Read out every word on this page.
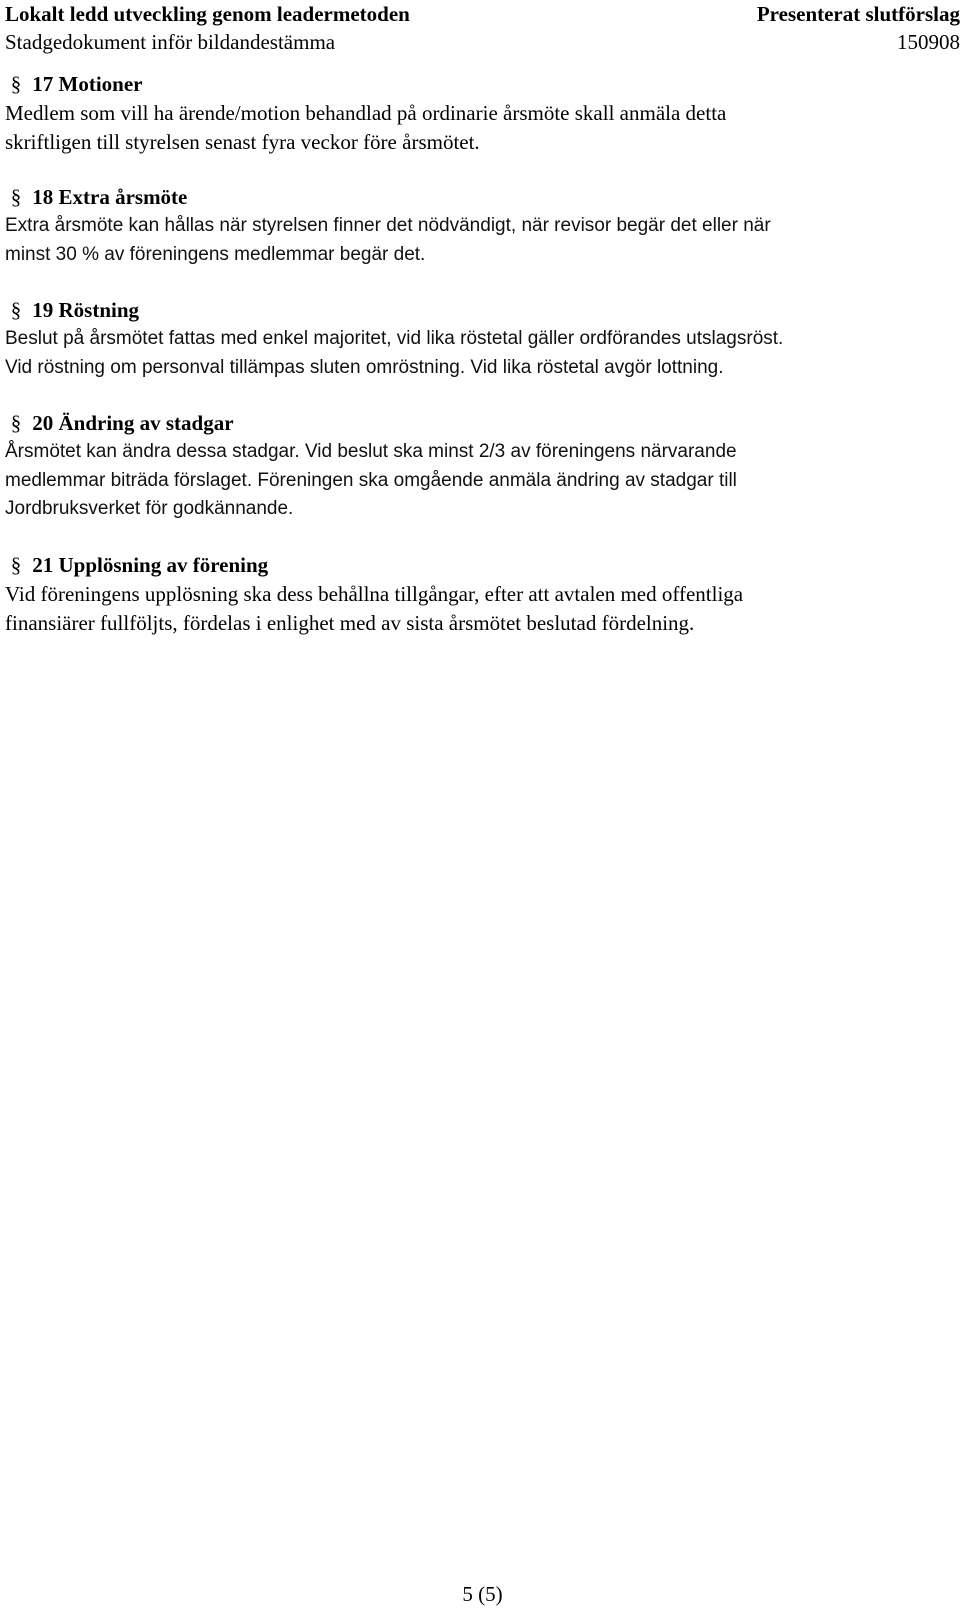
Lokalt ledd utveckling genom leadermetoden	Presenterat slutförslag
Stadgedokument inför bildandestämma	150908

§ 17 Motioner

Medlem som vill ha ärende/motion behandlad på ordinarie årsmöte skall anmäla detta
skriftligen till styrelsen senast fyra veckor före årsmötet.

§ 18 Extra årsmöte

Extra årsmöte kan hållas när styrelsen finner det nödvändigt, när revisor begär det eller när
minst 30 % av föreningens medlemmar begär det.

§ 19 Röstning

Beslut på årsmötet fattas med enkel majoritet, vid lika röstetal gäller ordförandes utslagsröst.
Vid röstning om personval tillämpas sluten omröstning. Vid lika röstetal avgör lottning.

§ 20 Ändring av stadgar

Årsmötet kan ändra dessa stadgar. Vid beslut ska minst 2/3 av föreningens närvarande
medlemmar biträda förslaget. Föreningen ska omgående anmäla ändring av stadgar till
Jordbruksverket för godkännande.

§ 21 Upplösning av förening

Vid föreningens upplösning ska dess behållna tillgångar, efter att avtalen med offentliga
finansiärer fullföljts, fördelas i enlighet med av sista årsmötet beslutad fördelning.

5 (5)
